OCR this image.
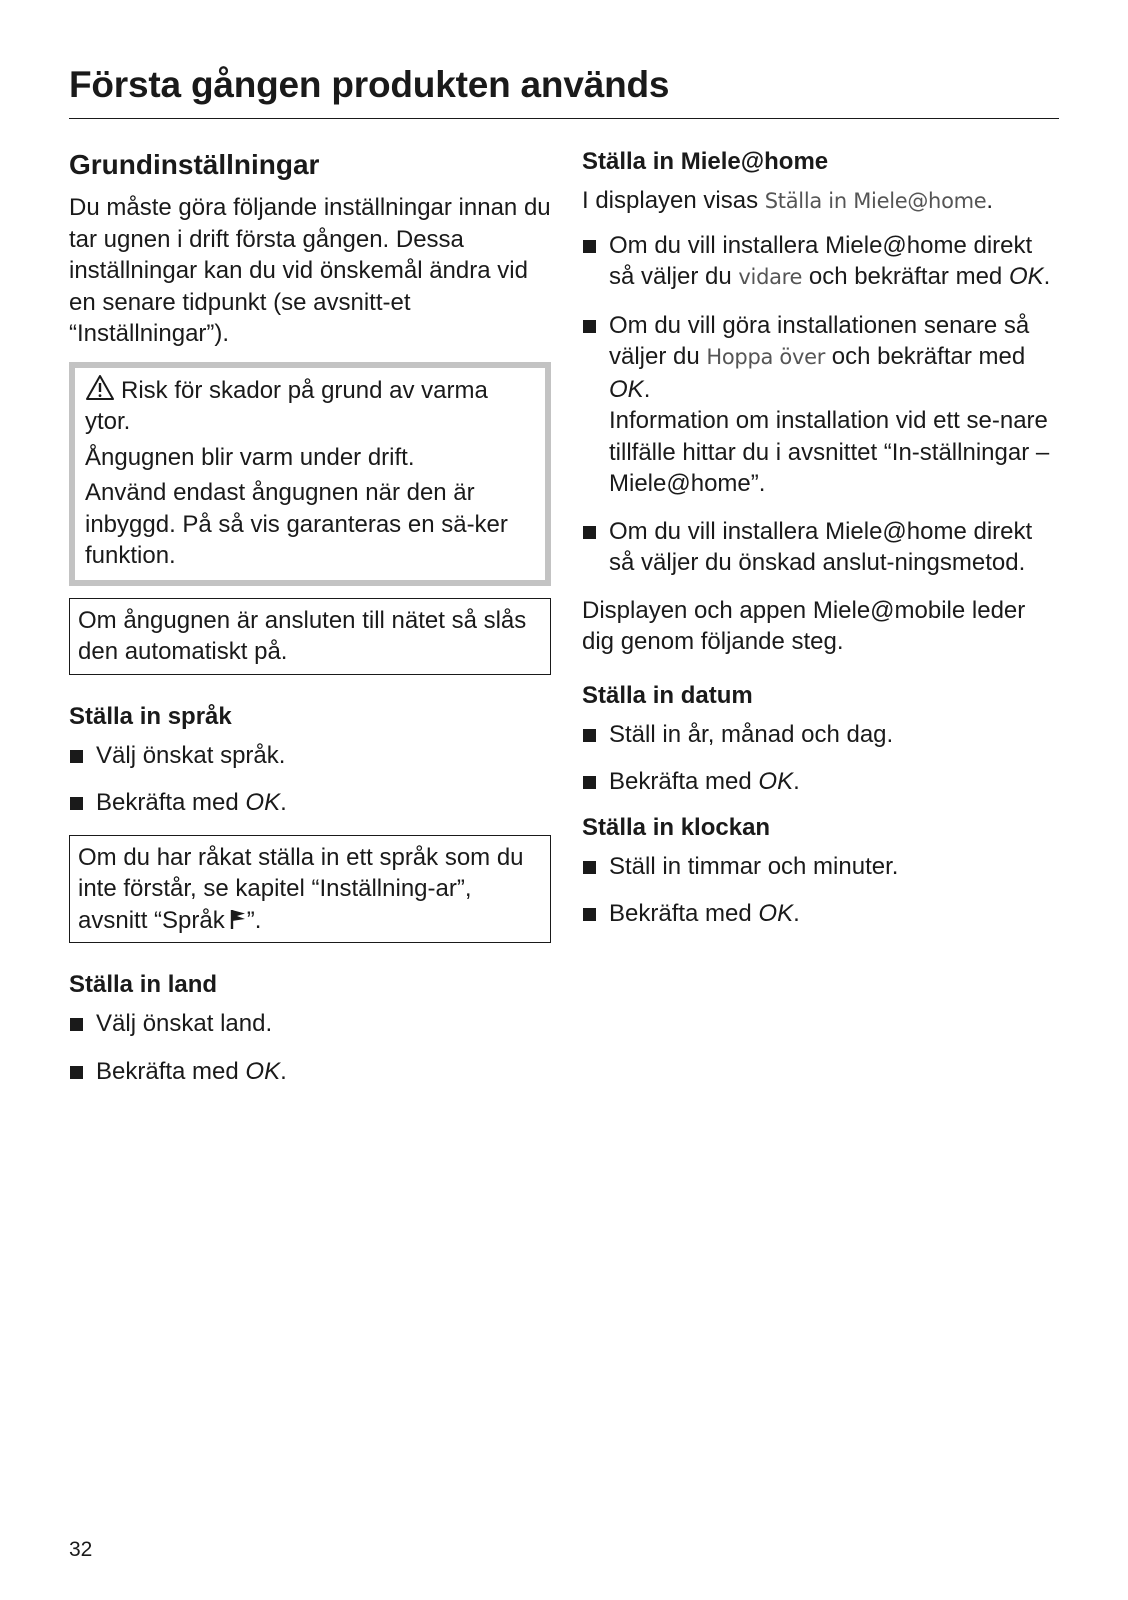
Första gången produkten används
Grundinställningar

Du måste göra följande inställningar innan du tar ugnen i drift första gången. Dessa inställningar kan du vid önskemål ändra vid en senare tidpunkt (se avsnitt-et “Inställningar”).

Risk för skador på grund av varma ytor.

Ångugnen blir varm under drift.

Använd endast ångugnen när den är inbyggd. På så vis garanteras en sä-ker funktion.

Om ångugnen är ansluten till nätet så slås den automatiskt på.

Ställa in språk
Välj önskat språk.
Bekräfta med OK.

Om du har råkat ställa in ett språk som du inte förstår, se kapitel “Inställning-ar”, avsnitt “Språk ”.

Ställa in land
Välj önskat land.
Bekräfta med OK.
Ställa in Miele@home

I displayen visas Ställa in Miele@home.

Om du vill installera Miele@home direkt så väljer du vidare och bekräftar med OK.
Om du vill göra installationen senare så väljer du Hoppa över och bekräftar med OK.
Information om installation vid ett se-nare tillfälle hittar du i avsnittet “In-ställningar – Miele@home”.
Om du vill installera Miele@home direkt så väljer du önskad anslut-ningsmetod.

Displayen och appen Miele@mobile leder dig genom följande steg.

Ställa in datum
Ställ in år, månad och dag.
Bekräfta med OK.
Ställa in klockan
Ställ in timmar och minuter.
Bekräfta med OK.
32
